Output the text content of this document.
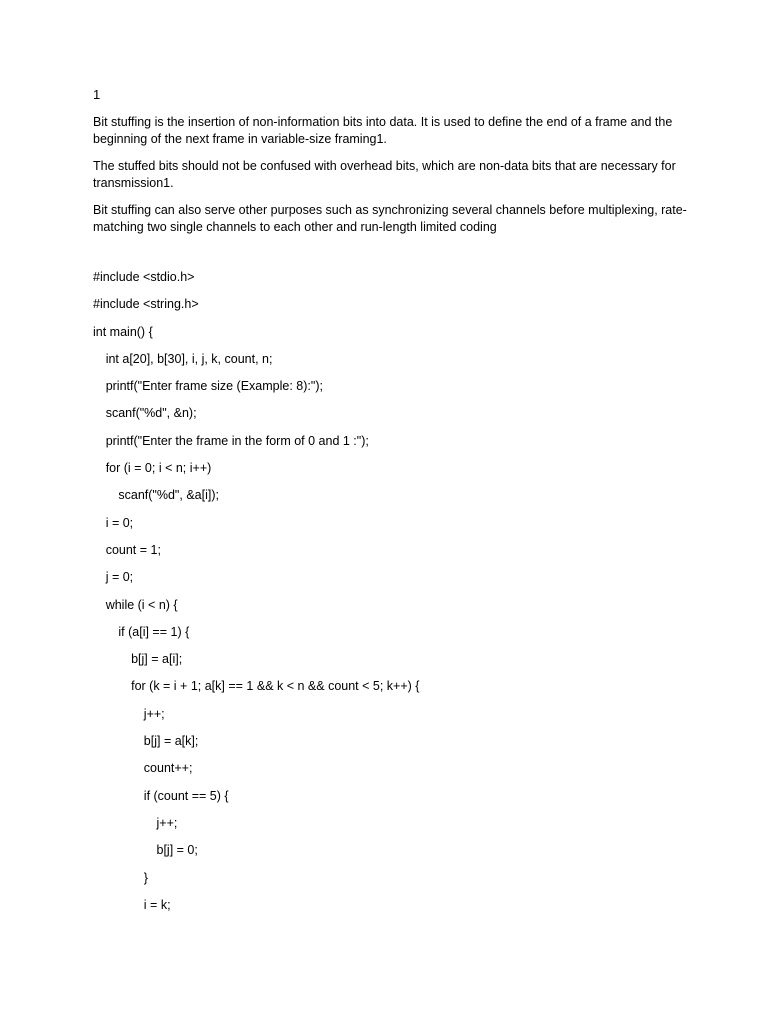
1

Bit stuffing is the insertion of non-information bits into data. It is used to define the end of a frame and the beginning of the next frame in variable-size framing1.

The stuffed bits should not be confused with overhead bits, which are non-data bits that are necessary for transmission1.

Bit stuffing can also serve other purposes such as synchronizing several channels before multiplexing, rate-matching two single channels to each other and run-length limited coding

#include <stdio.h>
#include <string.h>
int main() {
int a[20], b[30], i, j, k, count, n;
printf("Enter frame size (Example: 8):");
scanf("%d", &n);
printf("Enter the frame in the form of 0 and 1 :");
for (i = 0; i < n; i++)
scanf("%d", &a[i]);
i = 0;
count = 1;
j = 0;
while (i < n) {
if (a[i] == 1) {
b[j] = a[i];
for (k = i + 1; a[k] == 1 && k < n && count < 5; k++) {
j++;
b[j] = a[k];
count++;
if (count == 5) {
j++;
b[j] = 0;
}
i = k;
